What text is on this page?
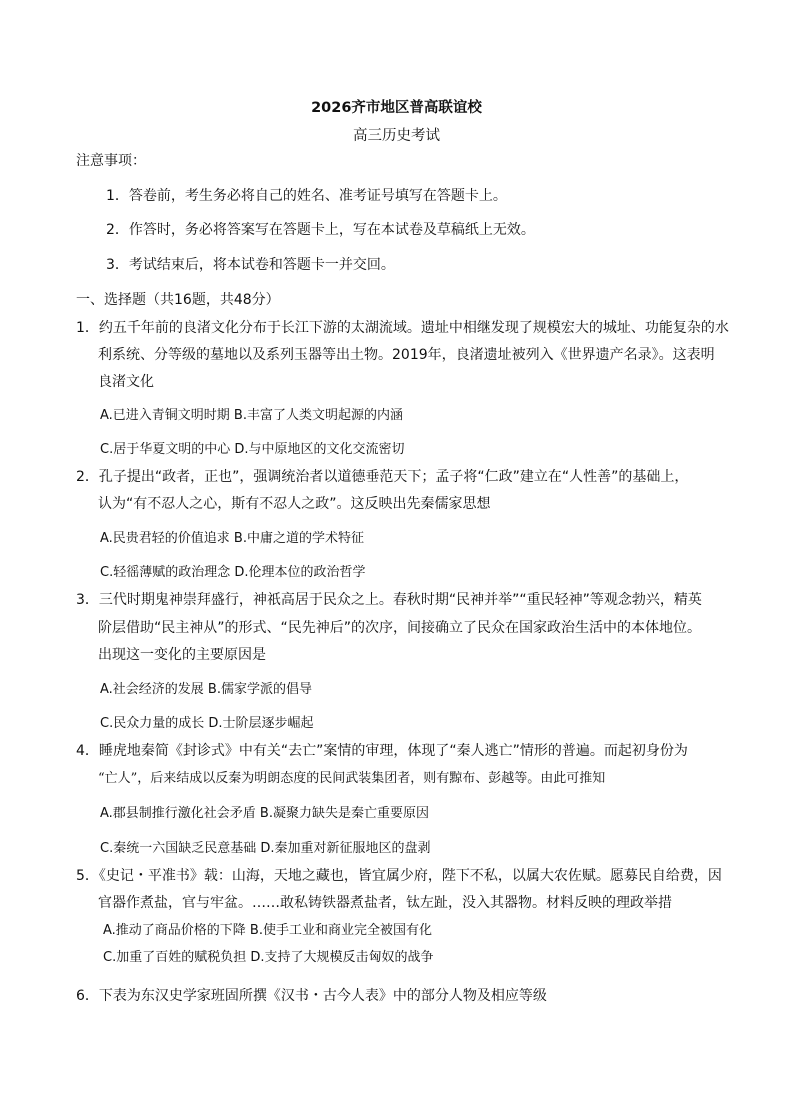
2026齐市地区普高联谊校
高三历史考试
注意事项：
1．答卷前，考生务必将自己的姓名、准考证号填写在答题卡上。
2．作答时，务必将答案写在答题卡上，写在本试卷及草稿纸上无效。
3．考试结束后，将本试卷和答题卡一并交回。
一、选择题（共16题，共48分）
1．约五千年前的良渚文化分布于长江下游的太湖流域。遗址中相继发现了规模宏大的城址、功能复杂的水
利系统、分等级的墓地以及系列玉器等出土物。2019年，良渚遗址被列入《世界遗产名录》。这表明
良渚文化
A.已进入青铜文明时期 B.丰富了人类文明起源的内涵
C.居于华夏文明的中心 D.与中原地区的文化交流密切
2．孔子提出“政者，正也”，强调统治者以道德垂范天下；孟子将“仁政”建立在“人性善”的基础上，
认为“有不忍人之心，斯有不忍人之政”。这反映出先秦儒家思想
A.民贵君轻的价值追求 B.中庸之道的学术特征
C.轻徭薄赋的政治理念 D.伦理本位的政治哲学
3．三代时期鬼神崇拜盛行，神祇高居于民众之上。春秋时期“民神并举”“重民轻神”等观念勃兴，精英
阶层借助“民主神从”的形式、“民先神后”的次序，间接确立了民众在国家政治生活中的本体地位。
出现这一变化的主要原因是
A.社会经济的发展 B.儒家学派的倡导
C.民众力量的成长 D.士阶层逐步崛起
4．睡虎地秦简《封诊式》中有关“去亡”案情的审理，体现了“秦人逃亡”情形的普遍。而起初身份为
“亡人”，后来结成以反秦为明朗态度的民间武装集团者，则有黥布、彭越等。由此可推知
A.郡县制推行激化社会矛盾 B.凝聚力缺失是秦亡重要原因
C.秦统一六国缺乏民意基础 D.秦加重对新征服地区的盘剥
5．《史记・平准书》载：山海，天地之藏也，皆宜属少府，陛下不私，以属大农佐赋。愿募民自给费，因
官器作煮盐，官与牢盆。……敢私铸铁器煮盐者，钛左趾，没入其器物。材料反映的理政举措
A.推动了商品价格的下降 B.使手工业和商业完全被国有化
C.加重了百姓的赋税负担 D.支持了大规模反击匈奴的战争
6．下表为东汉史学家班固所撰《汉书・古今人表》中的部分人物及相应等级
